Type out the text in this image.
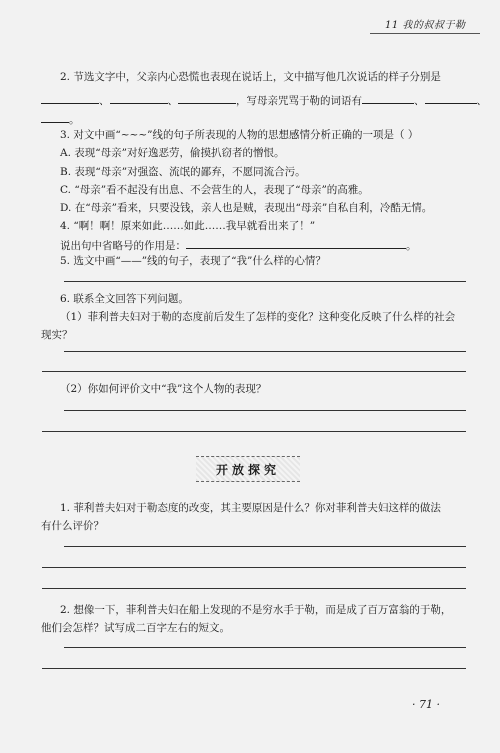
11 我的叔叔于勒
2. 节选文字中，父亲内心恐慌也表现在说话上，文中描写他几次说话的样子分别是
、	、	，写母亲咒骂于勒的词语有	、	、
。
3. 对文中画“~~~”线的句子所表现的人物的思想感情分析正确的一项是（ ）
A. 表现“母亲”对好逸恶劳，偷摸扒窃者的憎恨。
B. 表现“母亲”对强盗、流氓的鄙弃，不愿同流合污。
C. “母亲”看不起没有出息、不会营生的人，表现了“母亲”的高雅。
D. 在“母亲”看来，只要没钱，亲人也是贼，表现出“母亲”自私自利，冷酷无情。
4. “啊！啊！原来如此……如此……我早就看出来了！”
说出句中省略号的作用是：	。
5. 选文中画“——”线的句子，表现了“我”什么样的心情？
6. 联系全文回答下列问题。
（1）菲利普夫妇对于勒的态度前后发生了怎样的变化？这种变化反映了什么样的社会
现实？
（2）你如何评价文中“我”这个人物的表现？
开放探究
1. 菲利普夫妇对于勒态度的改变，其主要原因是什么？你对菲利普夫妇这样的做法
有什么评价？
2. 想像一下，菲利普夫妇在船上发现的不是穷水手于勒，而是成了百万富翁的于勒，
他们会怎样？试写成二百字左右的短文。
· 71 ·
